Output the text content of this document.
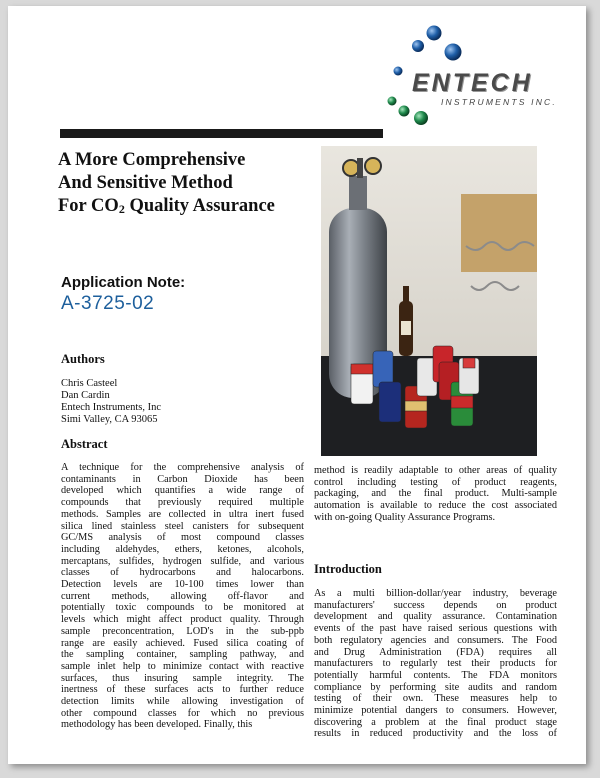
ENTECH
INSTRUMENTS INC.
A More Comprehensive
And Sensitive Method
For CO2 Quality Assurance
Application Note:
A-3725-02
Authors
Chris Casteel
Dan Cardin
Entech Instruments, Inc
Simi Valley, CA 93065
Abstract
A technique for the comprehensive analysis of
contaminants in Carbon Dioxide has been
developed which quantifies a wide range of
compounds that previously required multiple
methods. Samples are collected in ultra inert fused
silica lined stainless steel canisters for subsequent
GC/MS analysis of most compound classes
including aldehydes, ethers, ketones, alcohols,
mercaptans, sulfides, hydrogen sulfide, and various
classes of hydrocarbons and halocarbons.
Detection levels are 10-100 times lower than
current methods, allowing off-flavor and
potentially toxic compounds to be monitored at
levels which might affect product quality. Through
sample preconcentration, LOD's in the sub-ppb
range are easily achieved. Fused silica coating of
the sampling container, sampling pathway, and
sample inlet help to minimize contact with reactive
surfaces, thus insuring sample integrity. The
inertness of these surfaces acts to further reduce
detection limits while allowing investigation of
other compound classes for which no previous
methodology has been developed. Finally, this
method is readily adaptable to other areas of quality
control including testing of product reagents,
packaging, and the final product. Multi-sample
automation is available to reduce the cost associated
with on-going Quality Assurance Programs.
Introduction
As a multi billion-dollar/year industry, beverage
manufacturers' success depends on product
development and quality assurance. Contamination
events of the past have raised serious questions with
both regulatory agencies and consumers. The Food
and Drug Administration (FDA) requires all
manufacturers to regularly test their products for
potentially harmful contents. The FDA monitors
compliance by performing site audits and random
testing of their own. These measures help to
minimize potential dangers to consumers. However,
discovering a problem at the final product stage
results in reduced productivity and the loss of
